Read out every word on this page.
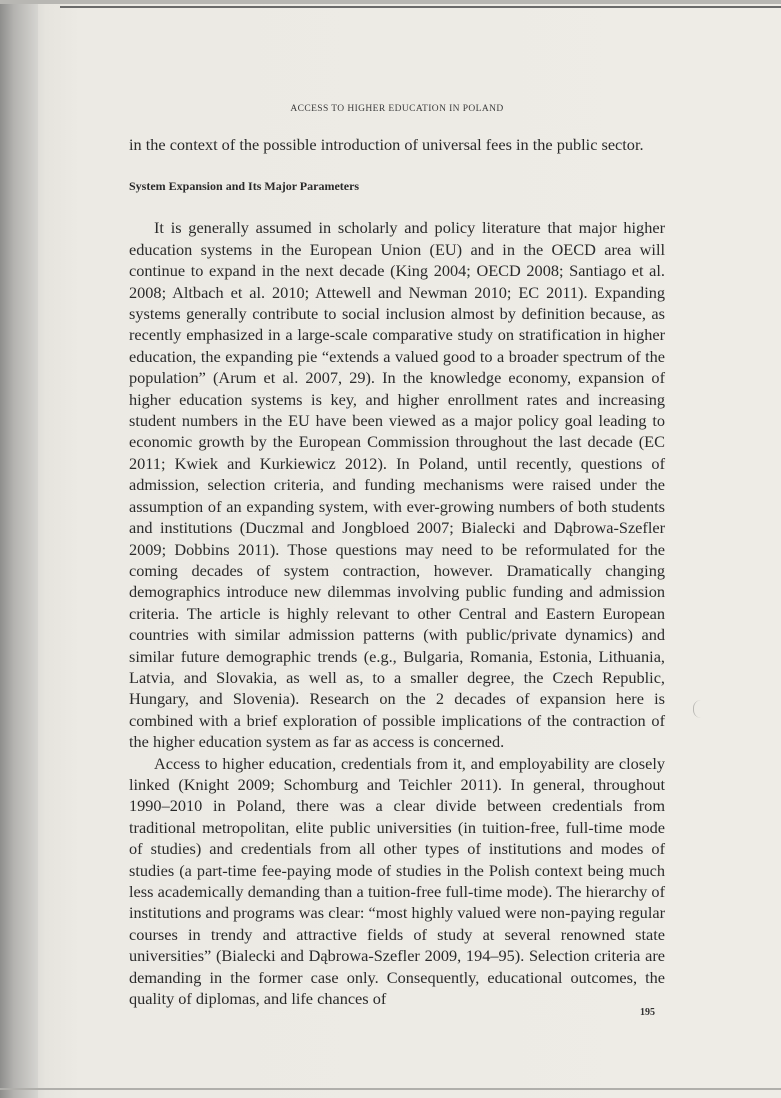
ACCESS TO HIGHER EDUCATION IN POLAND

in the context of the possible introduction of universal fees in the public sector.

System Expansion and Its Major Parameters

It is generally assumed in scholarly and policy literature that major higher education systems in the European Union (EU) and in the OECD area will continue to expand in the next decade (King 2004; OECD 2008; Santiago et al. 2008; Altbach et al. 2010; Attewell and Newman 2010; EC 2011). Expanding systems generally contribute to social inclusion almost by definition because, as recently emphasized in a large-scale comparative study on stratification in higher education, the expanding pie “extends a valued good to a broader spectrum of the population” (Arum et al. 2007, 29). In the knowledge economy, expansion of higher education systems is key, and higher enrollment rates and increasing student numbers in the EU have been viewed as a major policy goal leading to economic growth by the European Commission throughout the last decade (EC 2011; Kwiek and Kurkiewicz 2012). In Poland, until recently, questions of admission, selection criteria, and funding mechanisms were raised under the assumption of an expanding system, with ever-growing numbers of both students and institutions (Duczmal and Jongbloed 2007; Bialecki and Dąbrowa-Szefler 2009; Dobbins 2011). Those questions may need to be reformulated for the coming decades of system contraction, however. Dramatically changing demographics introduce new dilemmas involving public funding and admission criteria. The article is highly relevant to other Central and Eastern European countries with similar admission patterns (with public/private dynamics) and similar future demographic trends (e.g., Bulgaria, Romania, Estonia, Lithuania, Latvia, and Slovakia, as well as, to a smaller degree, the Czech Republic, Hungary, and Slovenia). Research on the 2 decades of expansion here is combined with a brief exploration of possible implications of the contraction of the higher education system as far as access is concerned.

Access to higher education, credentials from it, and employability are closely linked (Knight 2009; Schomburg and Teichler 2011). In general, throughout 1990–2010 in Poland, there was a clear divide between credentials from traditional metropolitan, elite public universities (in tuition-free, full-time mode of studies) and credentials from all other types of institutions and modes of studies (a part-time fee-paying mode of studies in the Polish context being much less academically demanding than a tuition-free full-time mode). The hierarchy of institutions and programs was clear: “most highly valued were non-paying regular courses in trendy and attractive fields of study at several renowned state universities” (Bialecki and Dąbrowa-Szefler 2009, 194–95). Selection criteria are demanding in the former case only. Consequently, educational outcomes, the quality of diplomas, and life chances of

195
